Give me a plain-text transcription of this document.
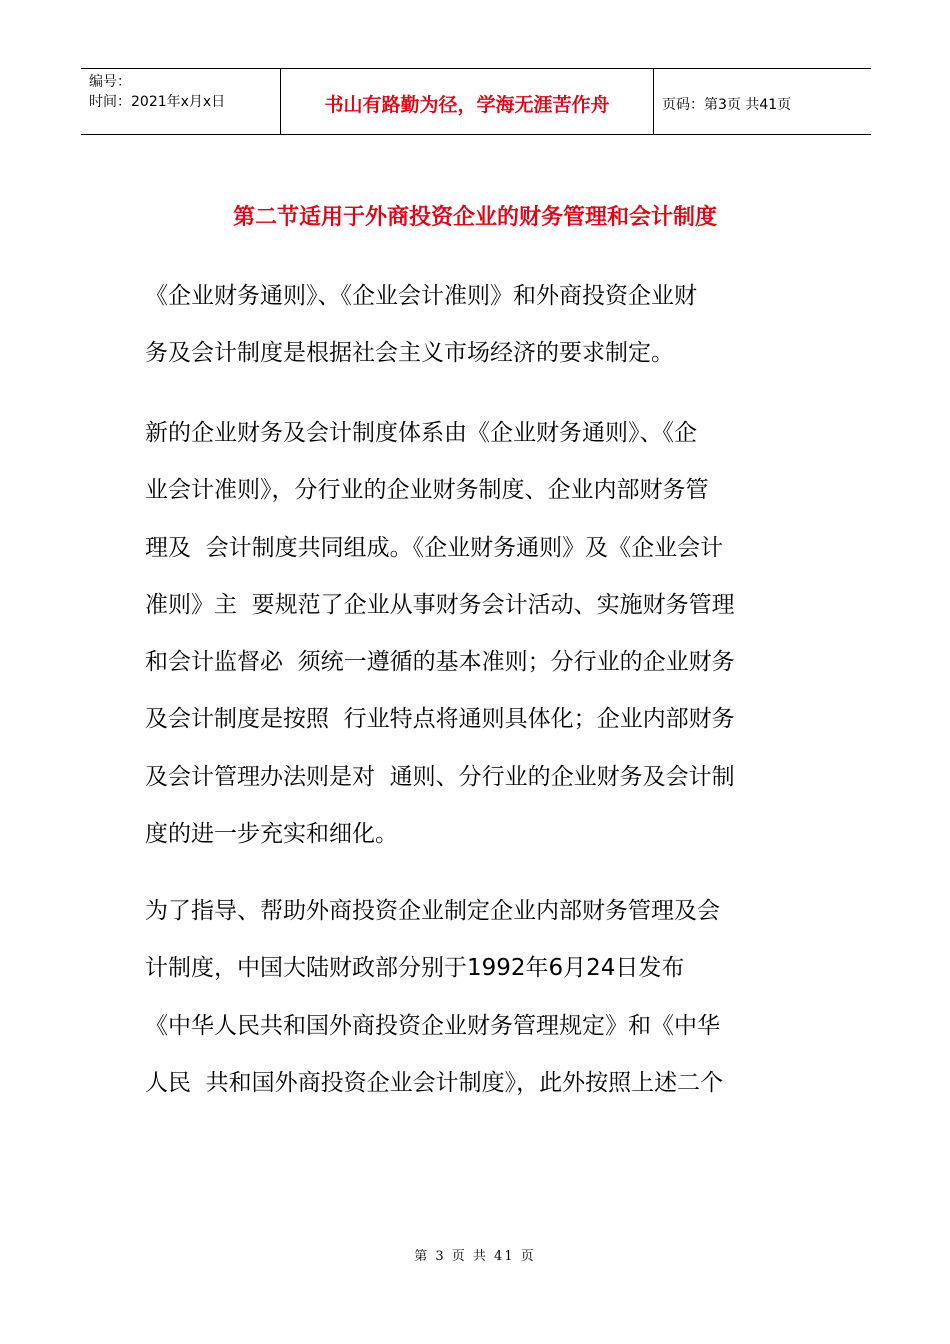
编号：
时间：2021年x月x日	书山有路勤为径，学海无涯苦作舟	页码：第3页 共41页
第二节适用于外商投资企业的财务管理和会计制度
《企业财务通则》、《企业会计准则》和外商投资企业财
务及会计制度是根据社会主义市场经济的要求制定。
新的企业财务及会计制度体系由《企业财务通则》、《企
业会计准则》，分行业的企业财务制度、企业内部财务管
理及  会计制度共同组成。《企业财务通则》及《企业会计
准则》主  要规范了企业从事财务会计活动、实施财务管理
和会计监督必  须统一遵循的基本准则；分行业的企业财务
及会计制度是按照  行业特点将通则具体化；企业内部财务
及会计管理办法则是对  通则、分行业的企业财务及会计制
度的进一步充实和细化。
为了指导、帮助外商投资企业制定企业内部财务管理及会
计制度，中国大陆财政部分别于1992年6月24日发布
《中华人民共和国外商投资企业财务管理规定》和《中华
人民  共和国外商投资企业会计制度》，此外按照上述二个
第 3 页 共 41 页
